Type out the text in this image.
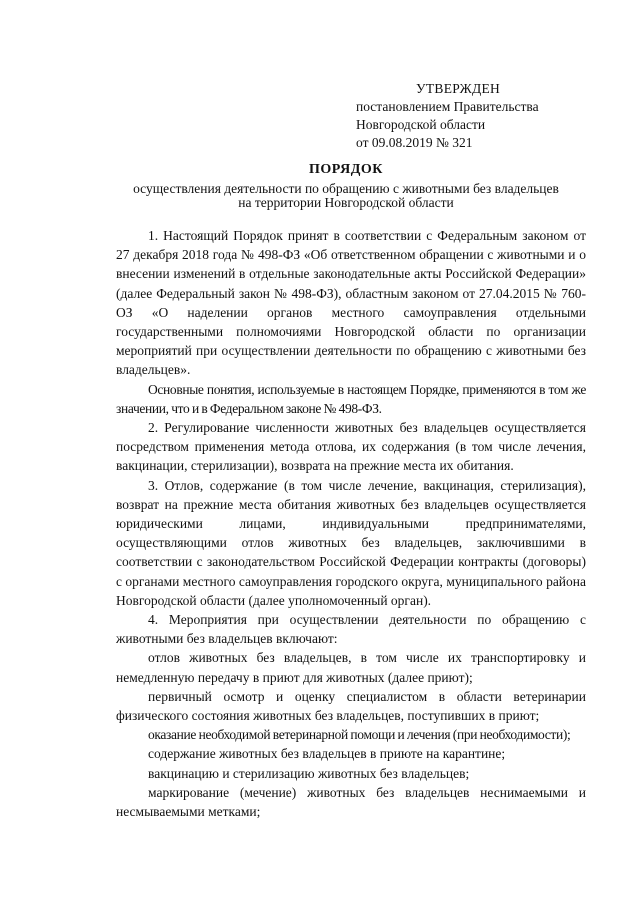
УТВЕРЖДЕН
постановлением Правительства
Новгородской области
от 09.08.2019 № 321
ПОРЯДОК
осуществления деятельности по обращению с животными без владельцев
на территории Новгородской области

1. Настоящий Порядок принят в соответствии с Федеральным законом от 27 декабря 2018 года № 498-ФЗ «Об ответственном обращении с животными и о внесении изменений в отдельные законодательные акты Российской Федерации» (далее Федеральный закон № 498-ФЗ), областным законом от 27.04.2015 № 760-ОЗ «О наделении органов местного самоуправления отдельными государственными полномочиями Новгородской области по организации мероприятий при осуществлении деятельности по обращению с животными без владельцев».

Основные понятия, используемые в настоящем Порядке, применяются в том же значении, что и в Федеральном законе № 498-ФЗ.

2. Регулирование численности животных без владельцев осуществляется посредством применения метода отлова, их содержания (в том числе лечения, вакцинации, стерилизации), возврата на прежние места их обитания.

3. Отлов, содержание (в том числе лечение, вакцинация, стерилизация), возврат на прежние места обитания животных без владельцев осуществляется юридическими лицами, индивидуальными предпринимателями, осуществляющими отлов животных без владельцев, заключившими в соответствии с законодательством Российской Федерации контракты (договоры) с органами местного самоуправления городского округа, муниципального района Новгородской области (далее уполномоченный орган).

4. Мероприятия при осуществлении деятельности по обращению с животными без владельцев включают:

отлов животных без владельцев, в том числе их транспортировку и немедленную передачу в приют для животных (далее приют);

первичный осмотр и оценку специалистом в области ветеринарии физического состояния животных без владельцев, поступивших в приют;

оказание необходимой ветеринарной помощи и лечения (при необходимости);

содержание животных без владельцев в приюте на карантине;

вакцинацию и стерилизацию животных без владельцев;

маркирование (мечение) животных без владельцев неснимаемыми и несмываемыми метками;
